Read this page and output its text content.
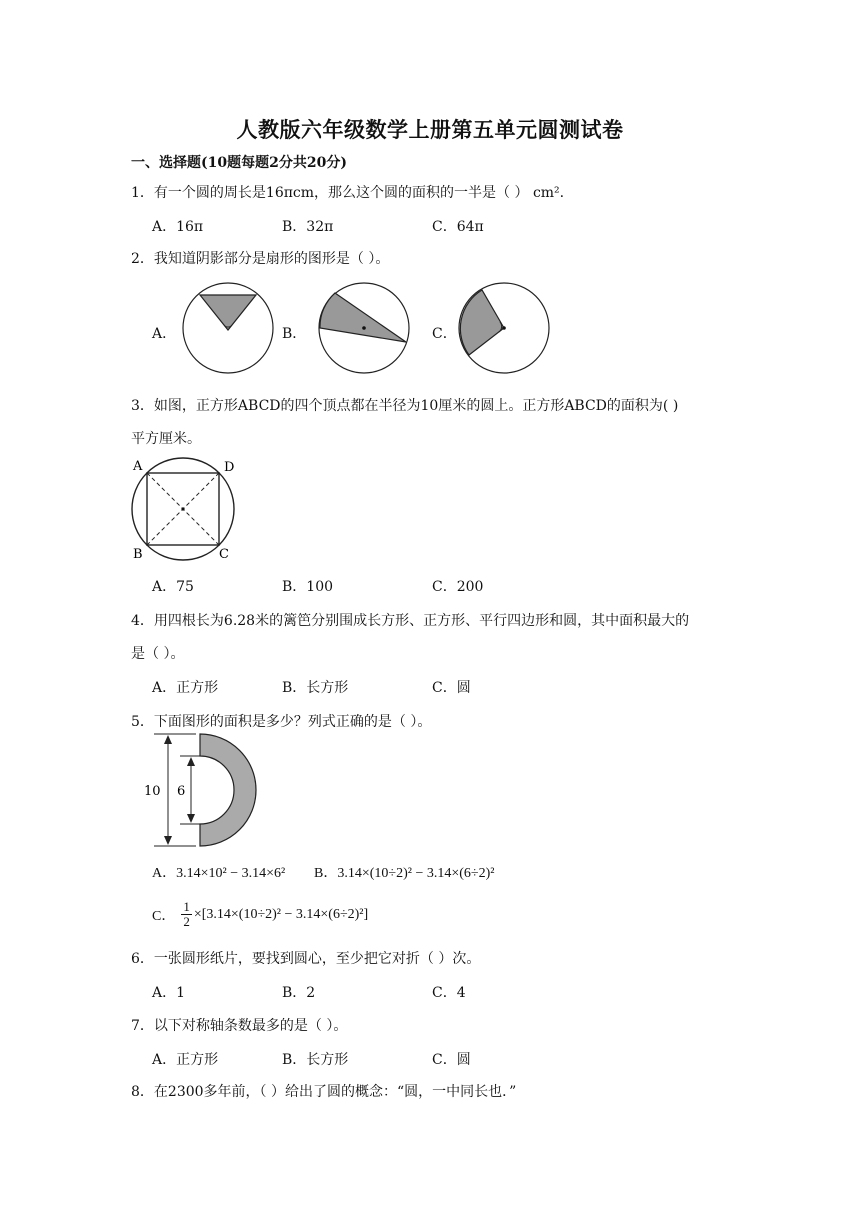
人教版六年级数学上册第五单元圆测试卷
一、选择题(10题每题2分共20分)
1．有一个圆的周长是16πcm，那么这个圆的面积的一半是（ ） cm².
A．16π	B．32π	C．64π
2．我知道阴影部分是扇形的图形是（ ）。
A．	B．	C．
3．如图，正方形ABCD的四个顶点都在半径为10厘米的圆上。正方形ABCD的面积为( )
平方厘米。
A	D
B	C
A．75	B．100	C．200
4．用四根长为6.28米的篱笆分别围成长方形、正方形、平行四边形和圆，其中面积最大的
是（ ）。
A．正方形	B．长方形	C．圆
5．下面图形的面积是多少？列式正确的是（ ）。
10 6
A．3.14×10² − 3.14×6² B．3.14×(10÷2)² − 3.14×(6÷2)²
C． $\frac{1}{2} \times[3.14\times(10\div 2)^2 - 3.14\times(6\div 2)^2]$
6．一张圆形纸片，要找到圆心，至少把它对折（ ）次。
A．1	B．2	C．4
7．以下对称轴条数最多的是（ ）。
A．正方形	B．长方形	C．圆
8．在2300多年前，（ ）给出了圆的概念：“圆，一中同长也．”
